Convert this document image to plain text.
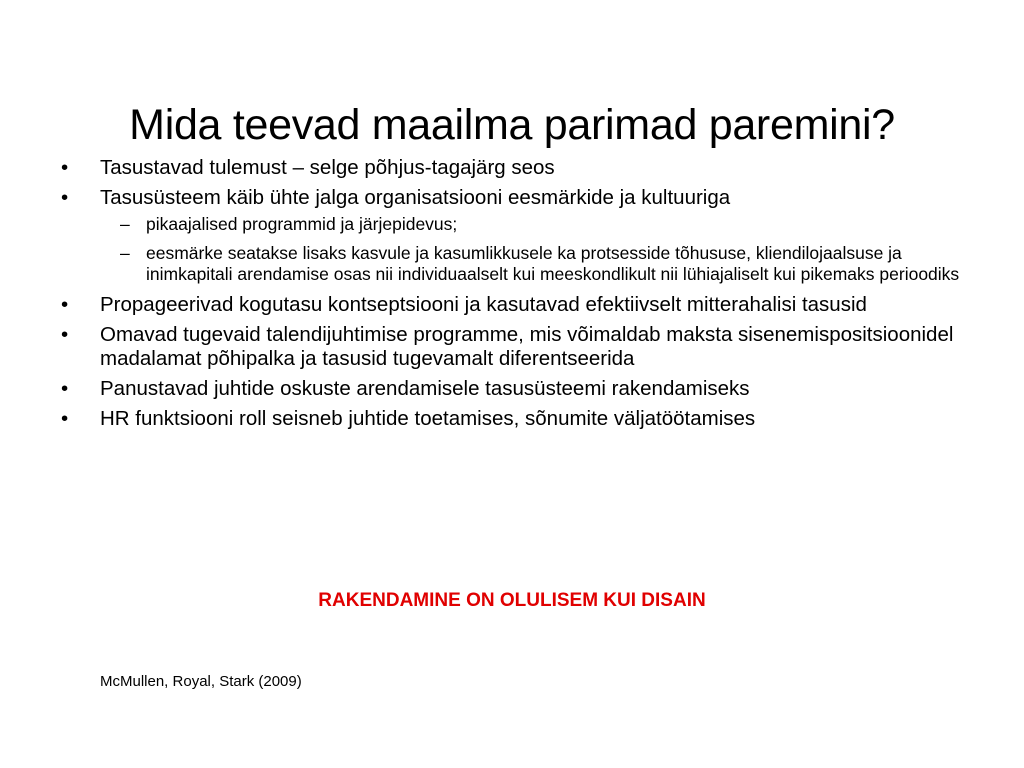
Mida teevad maailma parimad paremini?
•	Tasustavad tulemust – selge põhjus-tagajärg seos
•	Tasusüsteem käib ühte jalga organisatsiooni eesmärkide ja kultuuriga
– pikaajalised programmid ja järjepidevus;
– eesmärke seatakse lisaks kasvule ja kasumlikkusele ka protsesside tõhususe, kliendilojaalsuse ja inimkapitali arendamise osas nii individuaalselt kui meeskondlikult nii lühiajaliselt kui pikemaks perioodiks
•	Propageerivad kogutasu kontseptsiooni ja kasutavad efektiivselt mitterahalisi tasusid
•	Omavad tugevaid talendijuhtimise programme, mis võimaldab maksta sisenemispositsioonidel madalamat põhipalka ja tasusid tugevamalt diferentseerida
•	Panustavad juhtide oskuste arendamisele tasusüsteemi rakendamiseks
•	HR funktsiooni roll seisneb juhtide toetamises, sõnumite väljatöötamises
RAKENDAMINE ON OLULISEM KUI DISAIN
McMullen, Royal, Stark (2009)
